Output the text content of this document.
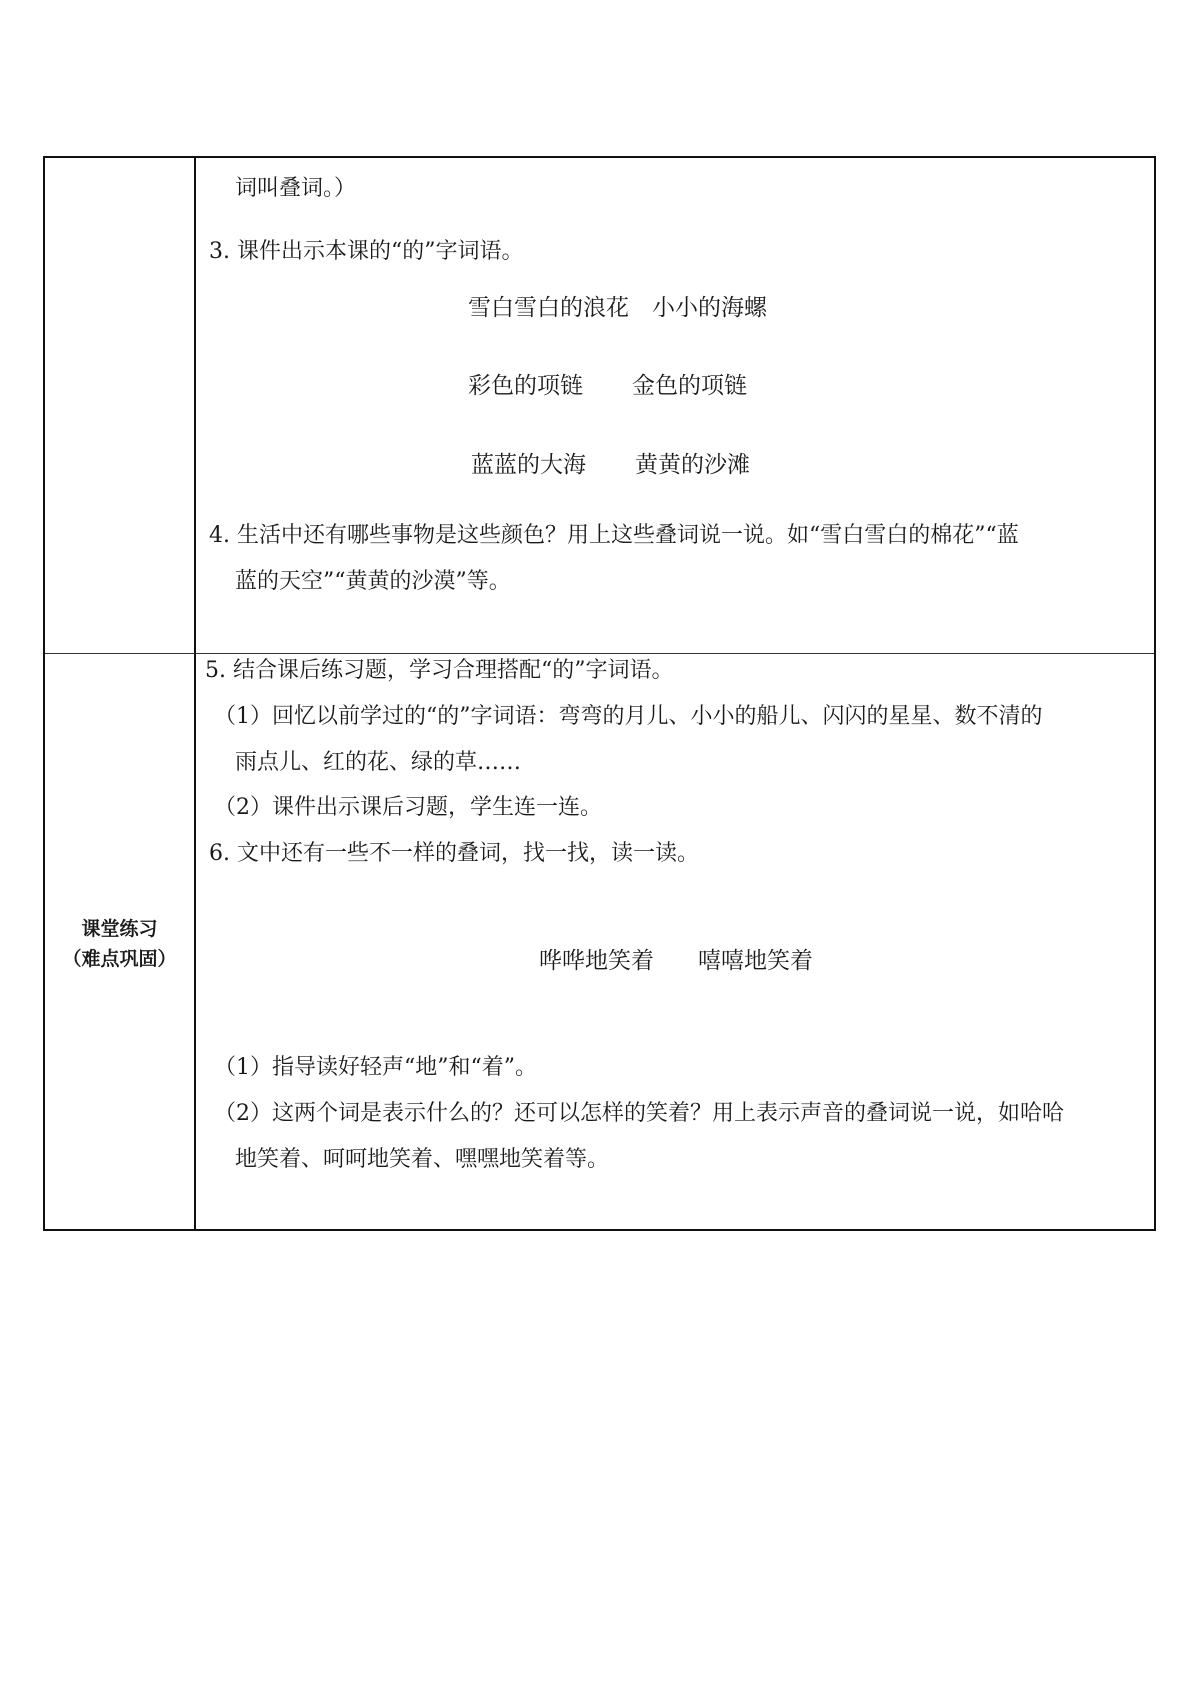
词叫叠词。）
3. 课件出示本课的“的”字词语。
雪白雪白的浪花 小小的海螺
彩色的项链 金色的项链
蓝蓝的大海 黄黄的沙滩
4. 生活中还有哪些事物是这些颜色？用上这些叠词说一说。如“雪白雪白的棉花”“蓝
蓝的天空”“黄黄的沙漠”等。
课堂练习
（难点巩固）
5. 结合课后练习题，学习合理搭配“的”字词语。
（1）回忆以前学过的“的”字词语：弯弯的月儿、小小的船儿、闪闪的星星、数不清的
雨点儿、红的花、绿的草……
（2）课件出示课后习题，学生连一连。
6. 文中还有一些不一样的叠词，找一找，读一读。
哗哗地笑着 嘻嘻地笑着
（1）指导读好轻声“地”和“着”。
（2）这两个词是表示什么的？还可以怎样的笑着？用上表示声音的叠词说一说，如哈哈
地笑着、呵呵地笑着、嘿嘿地笑着等。
